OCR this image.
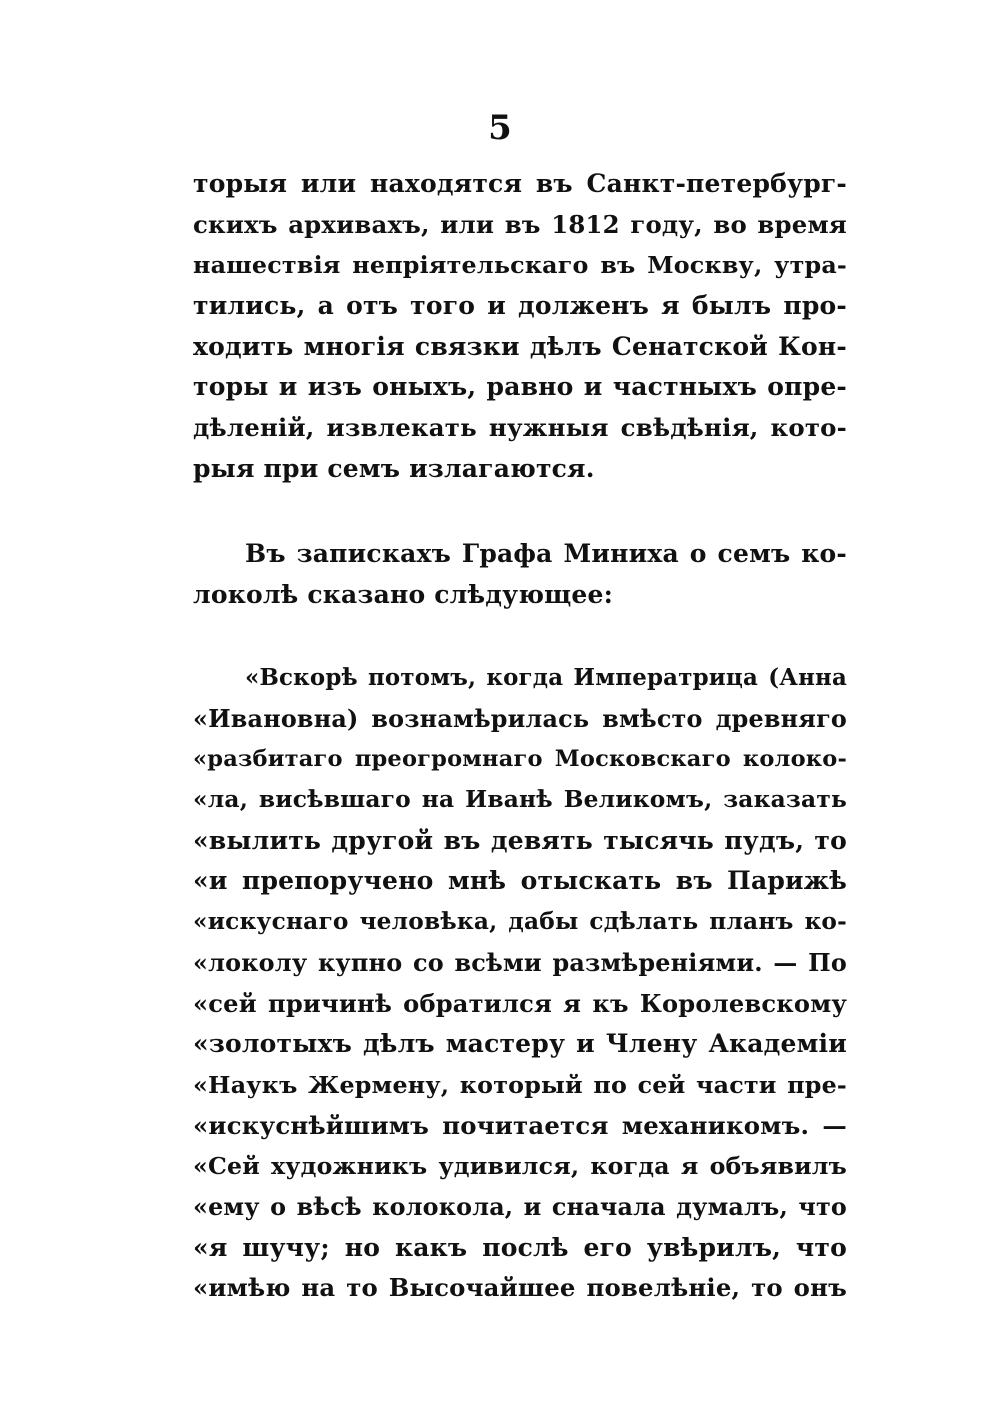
5
торыя или находятся въ Санкт-петербург-
скихъ архивахъ, или въ 1812 году, во время
нашествія непріятельскаго въ Москву, утра-
тились, а отъ того и долженъ я былъ про-
ходить многія связки дѣлъ Сенатской Кон-
торы и изъ оныхъ, равно и частныхъ опре-
дѣленій, извлекать нужныя свѣдѣнія, кото-
рыя при семъ излагаются.
Въ запискахъ Графа Миниха о семъ ко-
локолѣ сказано слѣдующее:
«Вскорѣ потомъ, когда Императрица (Анна
«Ивановна) вознамѣрилась вмѣсто древняго
«разбитаго преогромнаго Московскаго колоко-
«ла, висѣвшаго на Иванѣ Великомъ, заказать
«вылить другой въ девять тысячь пудъ, то
«и препоручено мнѣ отыскать въ Парижѣ
«искуснаго человѣка, дабы сдѣлать планъ ко-
«локолу купно со всѣми размѣреніями. — По
«сей причинѣ обратился я къ Королевскому
«золотыхъ дѣлъ мастеру и Члену Академіи
«Наукъ Жермену, который по сей части пре-
«искуснѣйшимъ почитается механикомъ. —
«Сей художникъ удивился, когда я объявилъ
«ему о вѣсѣ колокола, и сначала думалъ, что
«я шучу; но какъ послѣ его увѣрилъ, что
«имѣю на то Высочайшее повелѣніе, то онъ
